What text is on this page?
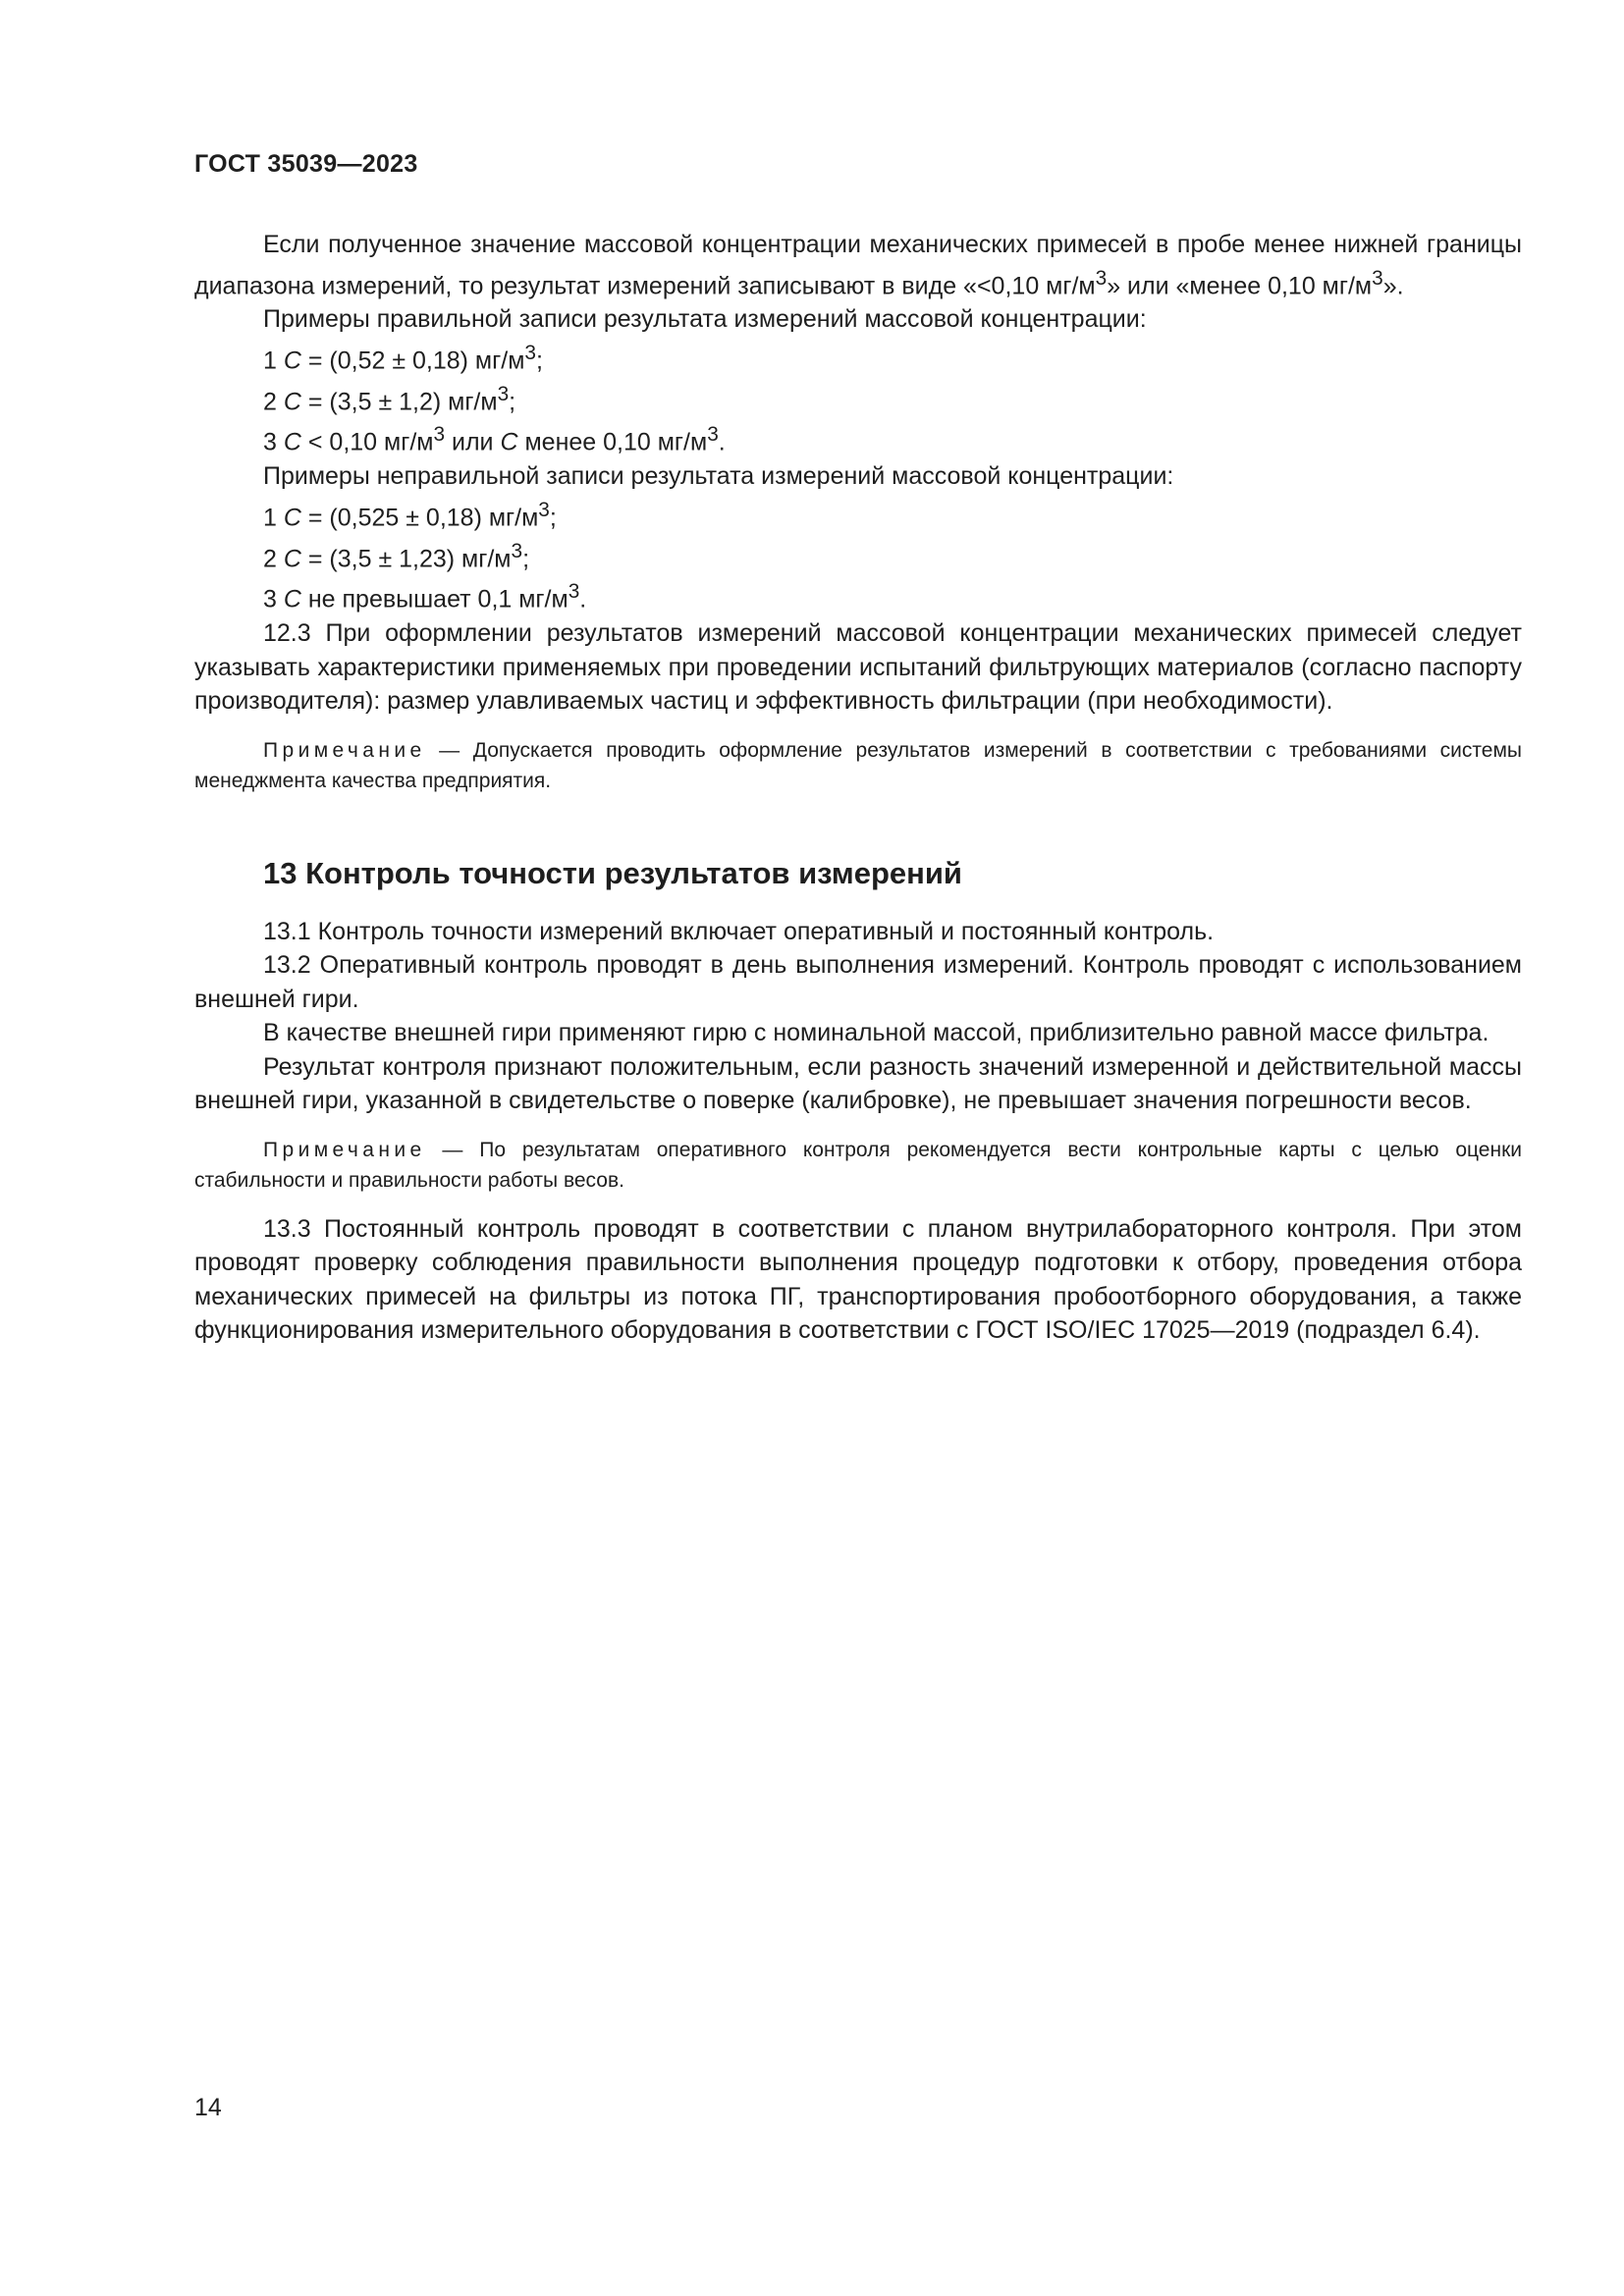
ГОСТ 35039—2023

Если полученное значение массовой концентрации механических примесей в пробе менее нижней границы диапазона измерений, то результат измерений записывают в виде «<0,10 $мг/м^3$» или «менее 0,10 $мг/м^3$».

Примеры правильной записи результата измерений массовой концентрации:

1 C = (0,52 ± 0,18) $мг/м^3$;

2 C = (3,5 ± 1,2) $мг/м^3$;

3 C < 0,10 $мг/м^3$ или C менее 0,10 $мг/м^3$.

Примеры неправильной записи результата измерений массовой концентрации:

1 C = (0,525 ± 0,18) $мг/м^3$;

2 C = (3,5 ± 1,23) $мг/м^3$;

3 C не превышает 0,1 $мг/м^3$.

12.3 При оформлении результатов измерений массовой концентрации механических примесей следует указывать характеристики применяемых при проведении испытаний фильтрующих материалов (согласно паспорту производителя): размер улавливаемых частиц и эффективность фильтрации (при необходимости).

Примечание — Допускается проводить оформление результатов измерений в соответствии с требованиями системы менеджмента качества предприятия.

13 Контроль точности результатов измерений

13.1 Контроль точности измерений включает оперативный и постоянный контроль.

13.2 Оперативный контроль проводят в день выполнения измерений. Контроль проводят с использованием внешней гири.

В качестве внешней гири применяют гирю с номинальной массой, приблизительно равной массе фильтра.

Результат контроля признают положительным, если разность значений измеренной и действительной массы внешней гири, указанной в свидетельстве о поверке (калибровке), не превышает значения погрешности весов.

Примечание — По результатам оперативного контроля рекомендуется вести контрольные карты с целью оценки стабильности и правильности работы весов.

13.3 Постоянный контроль проводят в соответствии с планом внутрилабораторного контроля. При этом проводят проверку соблюдения правильности выполнения процедур подготовки к отбору, проведения отбора механических примесей на фильтры из потока ПГ, транспортирования пробоотборного оборудования, а также функционирования измерительного оборудования в соответствии с ГОСТ ISO/IEC 17025—2019 (подраздел 6.4).

14
